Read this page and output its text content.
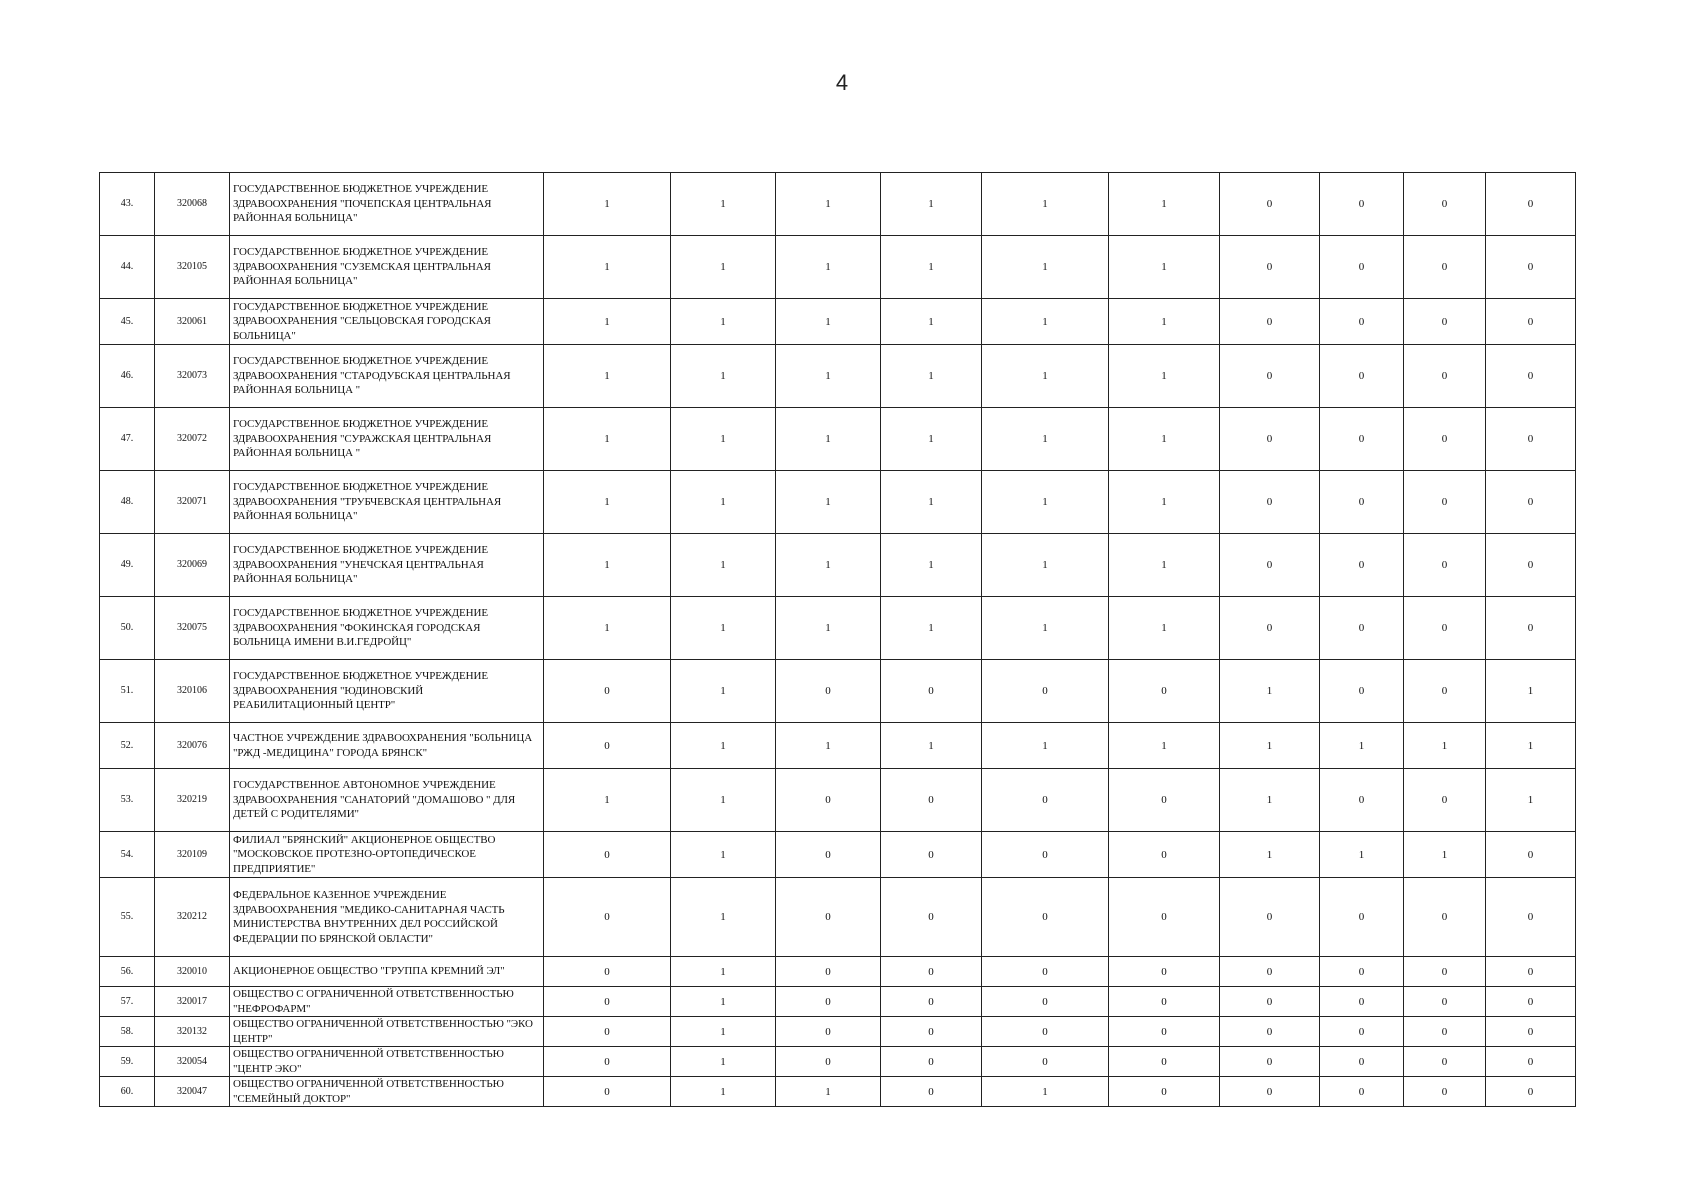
4
43.	320068	ГОСУДАРСТВЕННОЕ БЮДЖЕТНОЕ УЧРЕЖДЕНИЕ ЗДРАВООХРАНЕНИЯ "ПОЧЕПСКАЯ ЦЕНТРАЛЬНАЯ РАЙОННАЯ БОЛЬНИЦА"	1	1	1	1	1	1	0	0	0	0
44.	320105	ГОСУДАРСТВЕННОЕ БЮДЖЕТНОЕ УЧРЕЖДЕНИЕ ЗДРАВООХРАНЕНИЯ "СУЗЕМСКАЯ ЦЕНТРАЛЬНАЯ РАЙОННАЯ БОЛЬНИЦА"	1	1	1	1	1	1	0	0	0	0
45.	320061	ГОСУДАРСТВЕННОЕ БЮДЖЕТНОЕ УЧРЕЖДЕНИЕ ЗДРАВООХРАНЕНИЯ "СЕЛЬЦОВСКАЯ ГОРОДСКАЯ БОЛЬНИЦА"	1	1	1	1	1	1	0	0	0	0
46.	320073	ГОСУДАРСТВЕННОЕ БЮДЖЕТНОЕ УЧРЕЖДЕНИЕ ЗДРАВООХРАНЕНИЯ "СТАРОДУБСКАЯ ЦЕНТРАЛЬНАЯ РАЙОННАЯ БОЛЬНИЦА "	1	1	1	1	1	1	0	0	0	0
47.	320072	ГОСУДАРСТВЕННОЕ БЮДЖЕТНОЕ УЧРЕЖДЕНИЕ ЗДРАВООХРАНЕНИЯ "СУРАЖСКАЯ ЦЕНТРАЛЬНАЯ РАЙОННАЯ БОЛЬНИЦА "	1	1	1	1	1	1	0	0	0	0
48.	320071	ГОСУДАРСТВЕННОЕ БЮДЖЕТНОЕ УЧРЕЖДЕНИЕ ЗДРАВООХРАНЕНИЯ "ТРУБЧЕВСКАЯ ЦЕНТРАЛЬНАЯ РАЙОННАЯ БОЛЬНИЦА"	1	1	1	1	1	1	0	0	0	0
49.	320069	ГОСУДАРСТВЕННОЕ БЮДЖЕТНОЕ УЧРЕЖДЕНИЕ ЗДРАВООХРАНЕНИЯ "УНЕЧСКАЯ ЦЕНТРАЛЬНАЯ РАЙОННАЯ БОЛЬНИЦА"	1	1	1	1	1	1	0	0	0	0
50.	320075	ГОСУДАРСТВЕННОЕ БЮДЖЕТНОЕ УЧРЕЖДЕНИЕ ЗДРАВООХРАНЕНИЯ "ФОКИНСКАЯ ГОРОДСКАЯ БОЛЬНИЦА ИМЕНИ В.И.ГЕДРОЙЦ"	1	1	1	1	1	1	0	0	0	0
51.	320106	ГОСУДАРСТВЕННОЕ БЮДЖЕТНОЕ УЧРЕЖДЕНИЕ ЗДРАВООХРАНЕНИЯ "ЮДИНОВСКИЙ РЕАБИЛИТАЦИОННЫЙ ЦЕНТР"	0	1	0	0	0	0	1	0	0	1
52.	320076	ЧАСТНОЕ УЧРЕЖДЕНИЕ ЗДРАВООХРАНЕНИЯ "БОЛЬНИЦА "РЖД -МЕДИЦИНА" ГОРОДА БРЯНСК"	0	1	1	1	1	1	1	1	1	1
53.	320219	ГОСУДАРСТВЕННОЕ АВТОНОМНОЕ УЧРЕЖДЕНИЕ ЗДРАВООХРАНЕНИЯ "САНАТОРИЙ "ДОМАШОВО " ДЛЯ ДЕТЕЙ С РОДИТЕЛЯМИ"	1	1	0	0	0	0	1	0	0	1
54.	320109	ФИЛИАЛ "БРЯНСКИЙ" АКЦИОНЕРНОЕ ОБЩЕСТВО "МОСКОВСКОЕ ПРОТЕЗНО-ОРТОПЕДИЧЕСКОЕ ПРЕДПРИЯТИЕ"	0	1	0	0	0	0	1	1	1	0
55.	320212	ФЕДЕРАЛЬНОЕ КАЗЕННОЕ УЧРЕЖДЕНИЕ ЗДРАВООХРАНЕНИЯ "МЕДИКО-САНИТАРНАЯ ЧАСТЬ МИНИСТЕРСТВА ВНУТРЕННИХ ДЕЛ РОССИЙСКОЙ ФЕДЕРАЦИИ ПО БРЯНСКОЙ ОБЛАСТИ"	0	1	0	0	0	0	0	0	0	0
56.	320010	АКЦИОНЕРНОЕ ОБЩЕСТВО "ГРУППА КРЕМНИЙ ЭЛ"	0	1	0	0	0	0	0	0	0	0
57.	320017	ОБЩЕСТВО С ОГРАНИЧЕННОЙ ОТВЕТСТВЕННОСТЬЮ "НЕФРОФАРМ"	0	1	0	0	0	0	0	0	0	0
58.	320132	ОБЩЕСТВО ОГРАНИЧЕННОЙ ОТВЕТСТВЕННОСТЬЮ "ЭКО ЦЕНТР"	0	1	0	0	0	0	0	0	0	0
59.	320054	ОБЩЕСТВО ОГРАНИЧЕННОЙ ОТВЕТСТВЕННОСТЬЮ "ЦЕНТР ЭКО"	0	1	0	0	0	0	0	0	0	0
60.	320047	ОБЩЕСТВО ОГРАНИЧЕННОЙ ОТВЕТСТВЕННОСТЬЮ "СЕМЕЙНЫЙ ДОКТОР"	0	1	1	0	1	0	0	0	0	0
